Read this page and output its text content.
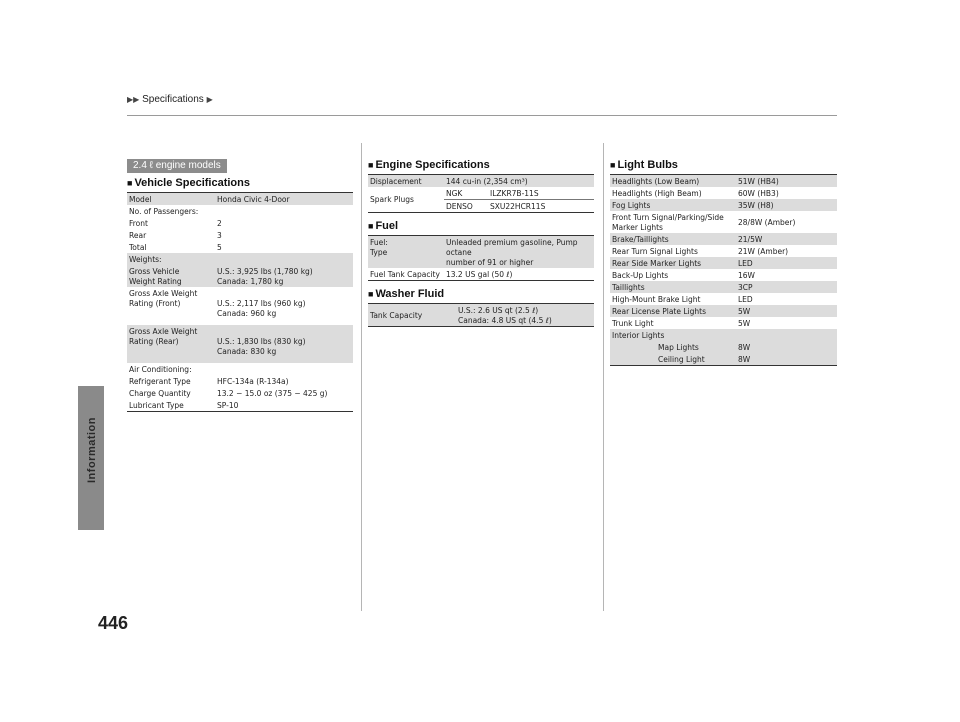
▶▶ Specifications ▶
Information
446
2.4 ℓ engine models
■ Vehicle Specifications
Model	Honda Civic 4-Door
No. of Passengers:	
Front	2
Rear	3
Total	5
Weights:	
Gross Vehicle
Weight Rating	U.S.: 3,925 lbs (1,780 kg)
Canada: 1,780 kg
Gross Axle Weight
Rating (Front)	U.S.: 2,117 lbs (960 kg)
Canada: 960 kg

Gross Axle Weight
Rating (Rear)	U.S.: 1,830 lbs (830 kg)
Canada: 830 kg

Air Conditioning:	
Refrigerant Type	HFC-134a (R-134a)
Charge Quantity	13.2 − 15.0 oz (375 − 425 g)
Lubricant Type	SP-10
■ Engine Specifications
Displacement	144 cu-in (2,354 cm³)	
Spark Plugs	NGK	ILZKR7B-11S
	DENSO	SXU22HCR11S
■ Fuel
Fuel:
Type	Unleaded premium gasoline, Pump octane
number of 91 or higher
Fuel Tank Capacity	13.2 US gal (50 ℓ)
■ Washer Fluid
Tank Capacity	U.S.: 2.6 US qt (2.5 ℓ)
Canada: 4.8 US qt (4.5 ℓ)
■ Light Bulbs
Headlights (Low Beam)	51W (HB4)
Headlights (High Beam)	60W (HB3)
Fog Lights	35W (H8)
Front Turn Signal/Parking/Side
Marker Lights	28/8W (Amber)
Brake/Taillights	21/5W
Rear Turn Signal Lights	21W (Amber)
Rear Side Marker Lights	LED
Back-Up Lights	16W
Taillights	3CP
High-Mount Brake Light	LED
Rear License Plate Lights	5W
Trunk Light	5W
Interior Lights	
Map Lights	8W
Ceiling Light	8W
